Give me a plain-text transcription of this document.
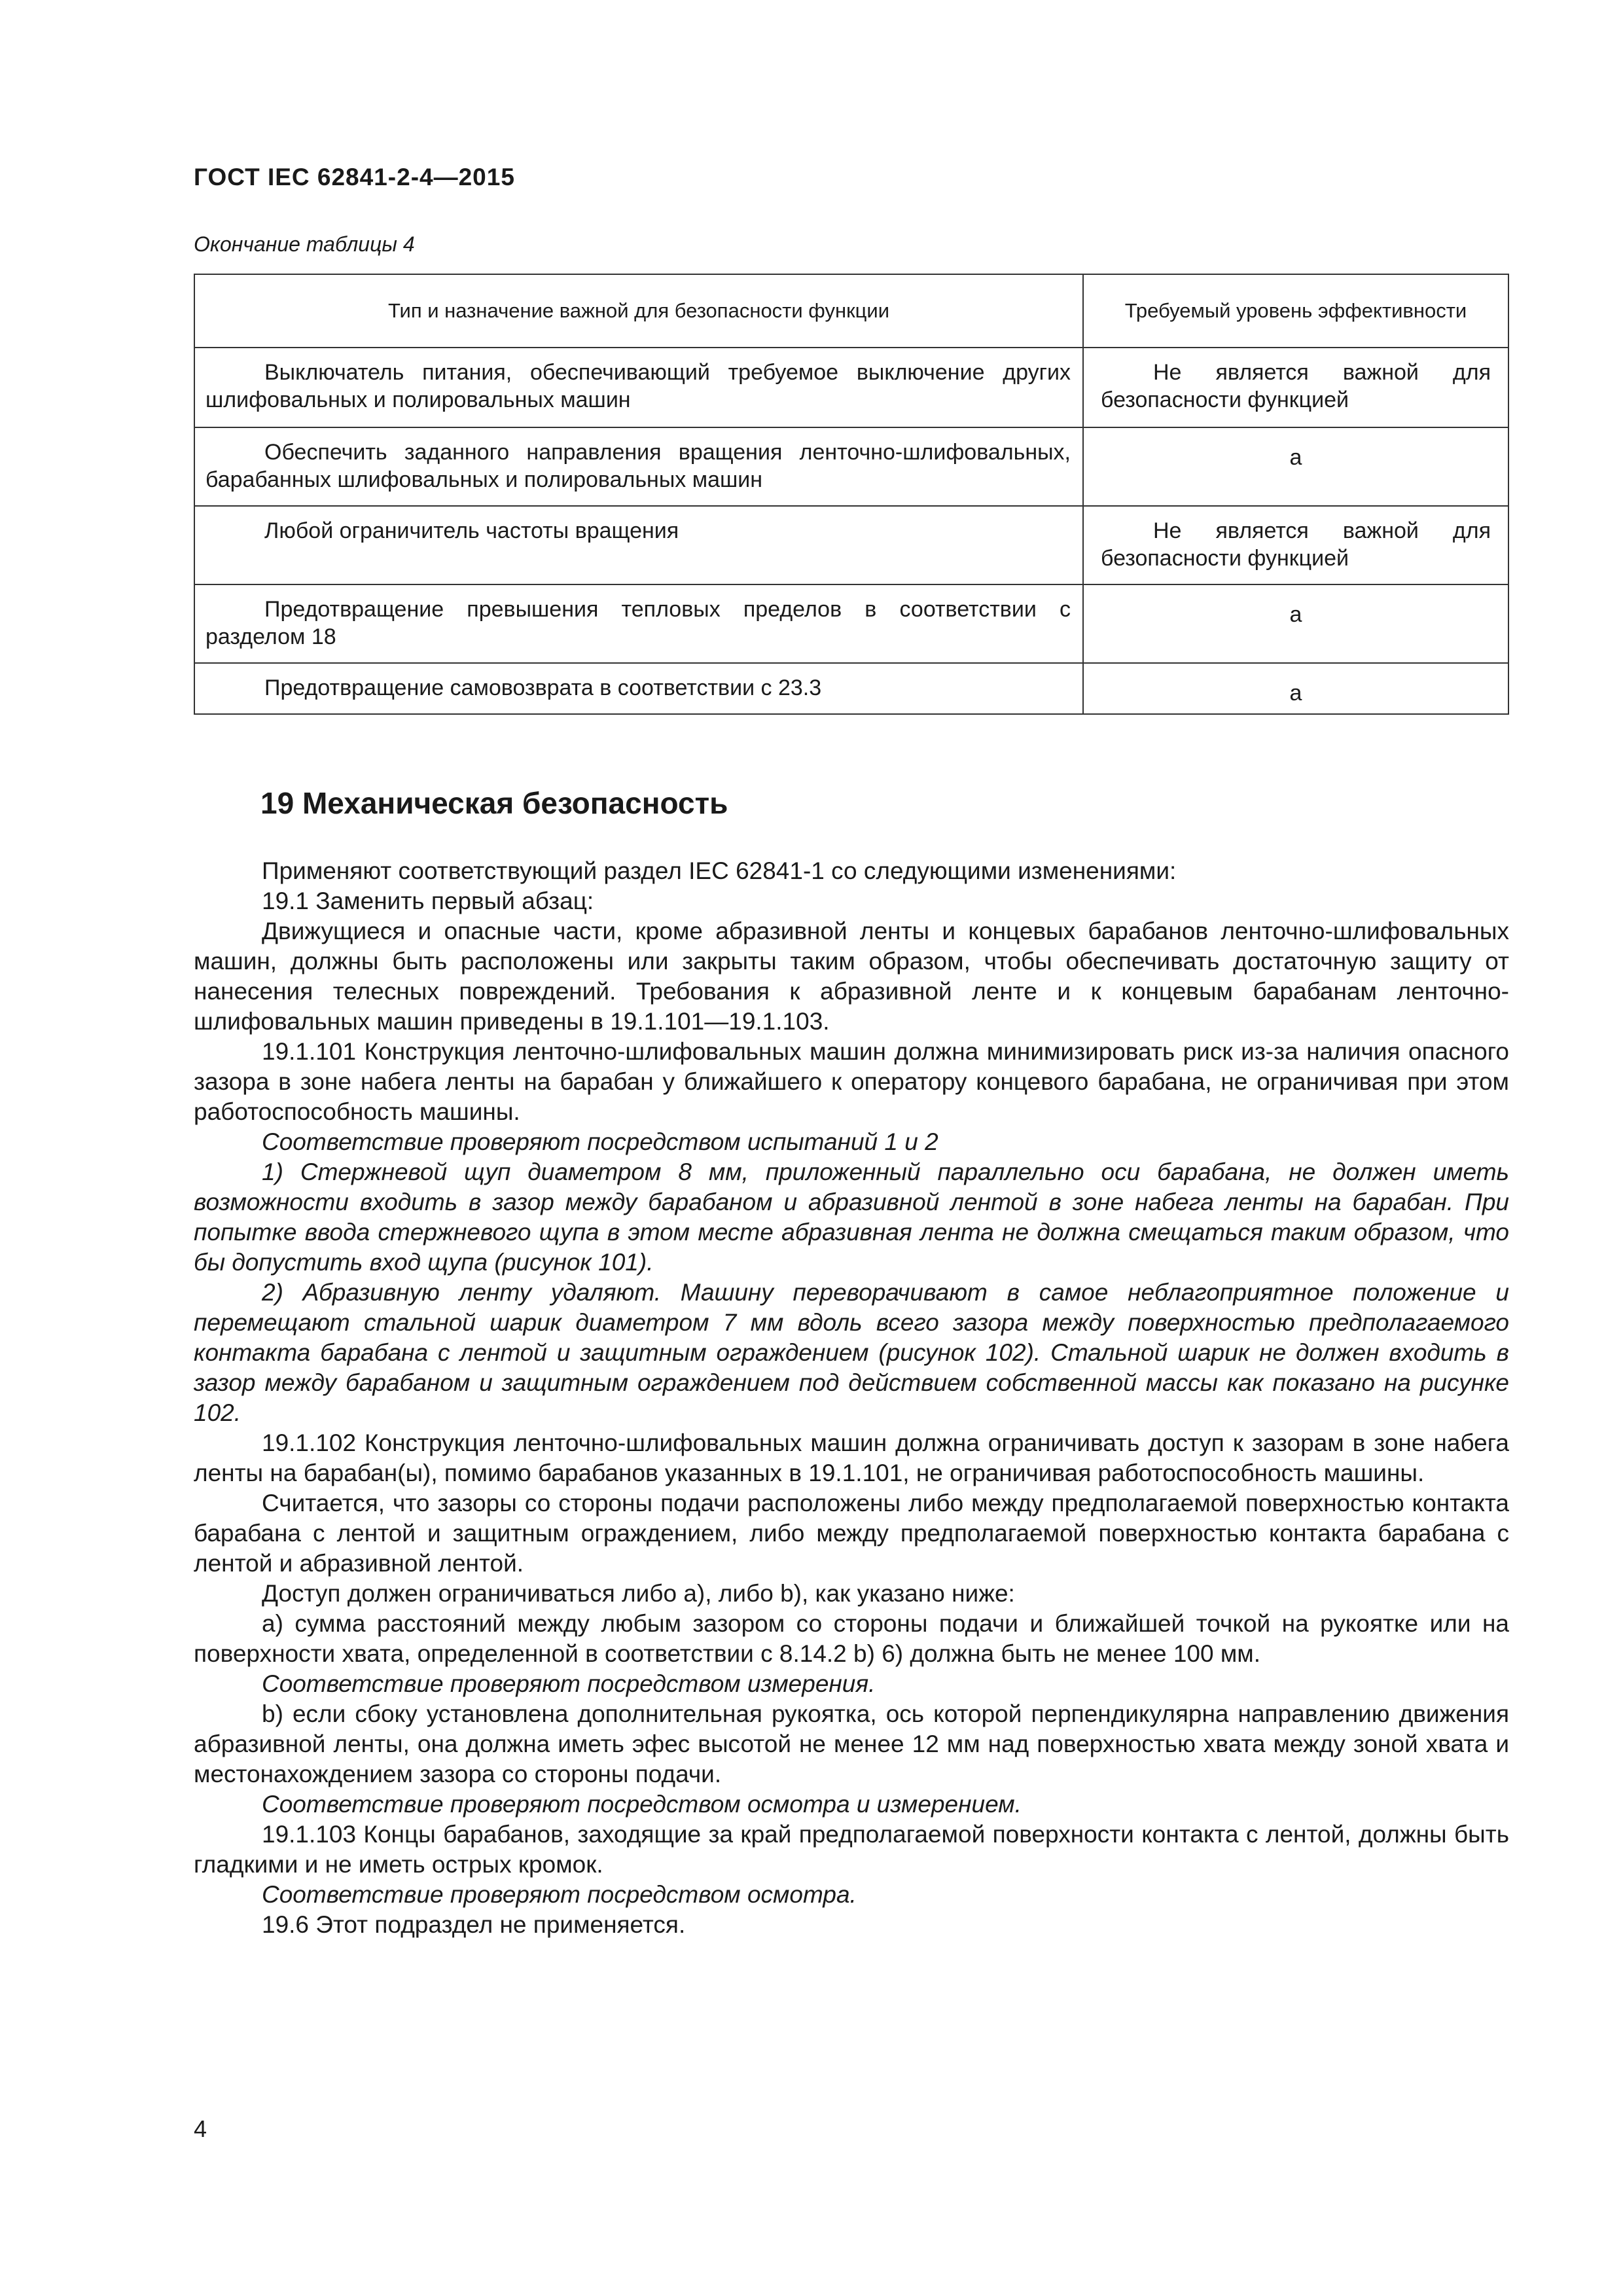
ГОСТ IEC 62841-2-4—2015
Окончание таблицы 4
Тип и назначение важной для безопасности функции	Требуемый уровень эффективности
Выключатель питания, обеспечивающий требуемое выключение других шлифовальных и полировальных машин	Не является важной для безопасности функцией
Обеспечить заданного направления вращения ленточно-шлифовальных, барабанных шлифовальных и полировальных машин	а
Любой ограничитель частоты вращения	Не является важной для безопасности функцией
Предотвращение превышения тепловых пределов в соответствии с разделом 18	а
Предотвращение самовозврата в соответствии с 23.3	а
19 Механическая безопасность

Применяют соответствующий раздел IEC 62841-1 со следующими изменениями:

19.1 Заменить первый абзац:

Движущиеся и опасные части, кроме абразивной ленты и концевых барабанов ленточно-шлифовальных машин, должны быть расположены или закрыты таким образом, чтобы обеспечивать достаточную защиту от нанесения телесных повреждений. Требования к абразивной ленте и к концевым барабанам ленточно-шлифовальных машин приведены в 19.1.101—19.1.103.

19.1.101 Конструкция ленточно-шлифовальных машин должна минимизировать риск из-за наличия опасного зазора в зоне набега ленты на барабан у ближайшего к оператору концевого барабана, не ограничивая при этом работоспособность машины.

Соответствие проверяют посредством испытаний 1 и 2

1) Стержневой щуп диаметром 8 мм, приложенный параллельно оси барабана, не должен иметь возможности входить в зазор между барабаном и абразивной лентой в зоне набега ленты на барабан. При попытке ввода стержневого щупа в этом месте абразивная лента не должна смещаться таким образом, что бы допустить вход щупа (рисунок 101).

2) Абразивную ленту удаляют. Машину переворачивают в самое неблагоприятное положение и перемещают стальной шарик диаметром 7 мм вдоль всего зазора между поверхностью предполагаемого контакта барабана с лентой и защитным ограждением (рисунок 102). Стальной шарик не должен входить в зазор между барабаном и защитным ограждением под действием собственной массы как показано на рисунке 102.

19.1.102 Конструкция ленточно-шлифовальных машин должна ограничивать доступ к зазорам в зоне набега ленты на барабан(ы), помимо барабанов указанных в 19.1.101, не ограничивая работоспособность машины.

Считается, что зазоры со стороны подачи расположены либо между предполагаемой поверхностью контакта барабана с лентой и защитным ограждением, либо между предполагаемой поверхностью контакта барабана с лентой и абразивной лентой.

Доступ должен ограничиваться либо а), либо b), как указано ниже:

а) сумма расстояний между любым зазором со стороны подачи и ближайшей точкой на рукоятке или на поверхности хвата, определенной в соответствии с 8.14.2 b) 6) должна быть не менее 100 мм.

Соответствие проверяют посредством измерения.

b) если сбоку установлена дополнительная рукоятка, ось которой перпендикулярна направлению движения абразивной ленты, она должна иметь эфес высотой не менее 12 мм над поверхностью хвата между зоной хвата и местонахождением зазора со стороны подачи.

Соответствие проверяют посредством осмотра и измерением.

19.1.103 Концы барабанов, заходящие за край предполагаемой поверхности контакта с лентой, должны быть гладкими и не иметь острых кромок.

Соответствие проверяют посредством осмотра.

19.6 Этот подраздел не применяется.

4
